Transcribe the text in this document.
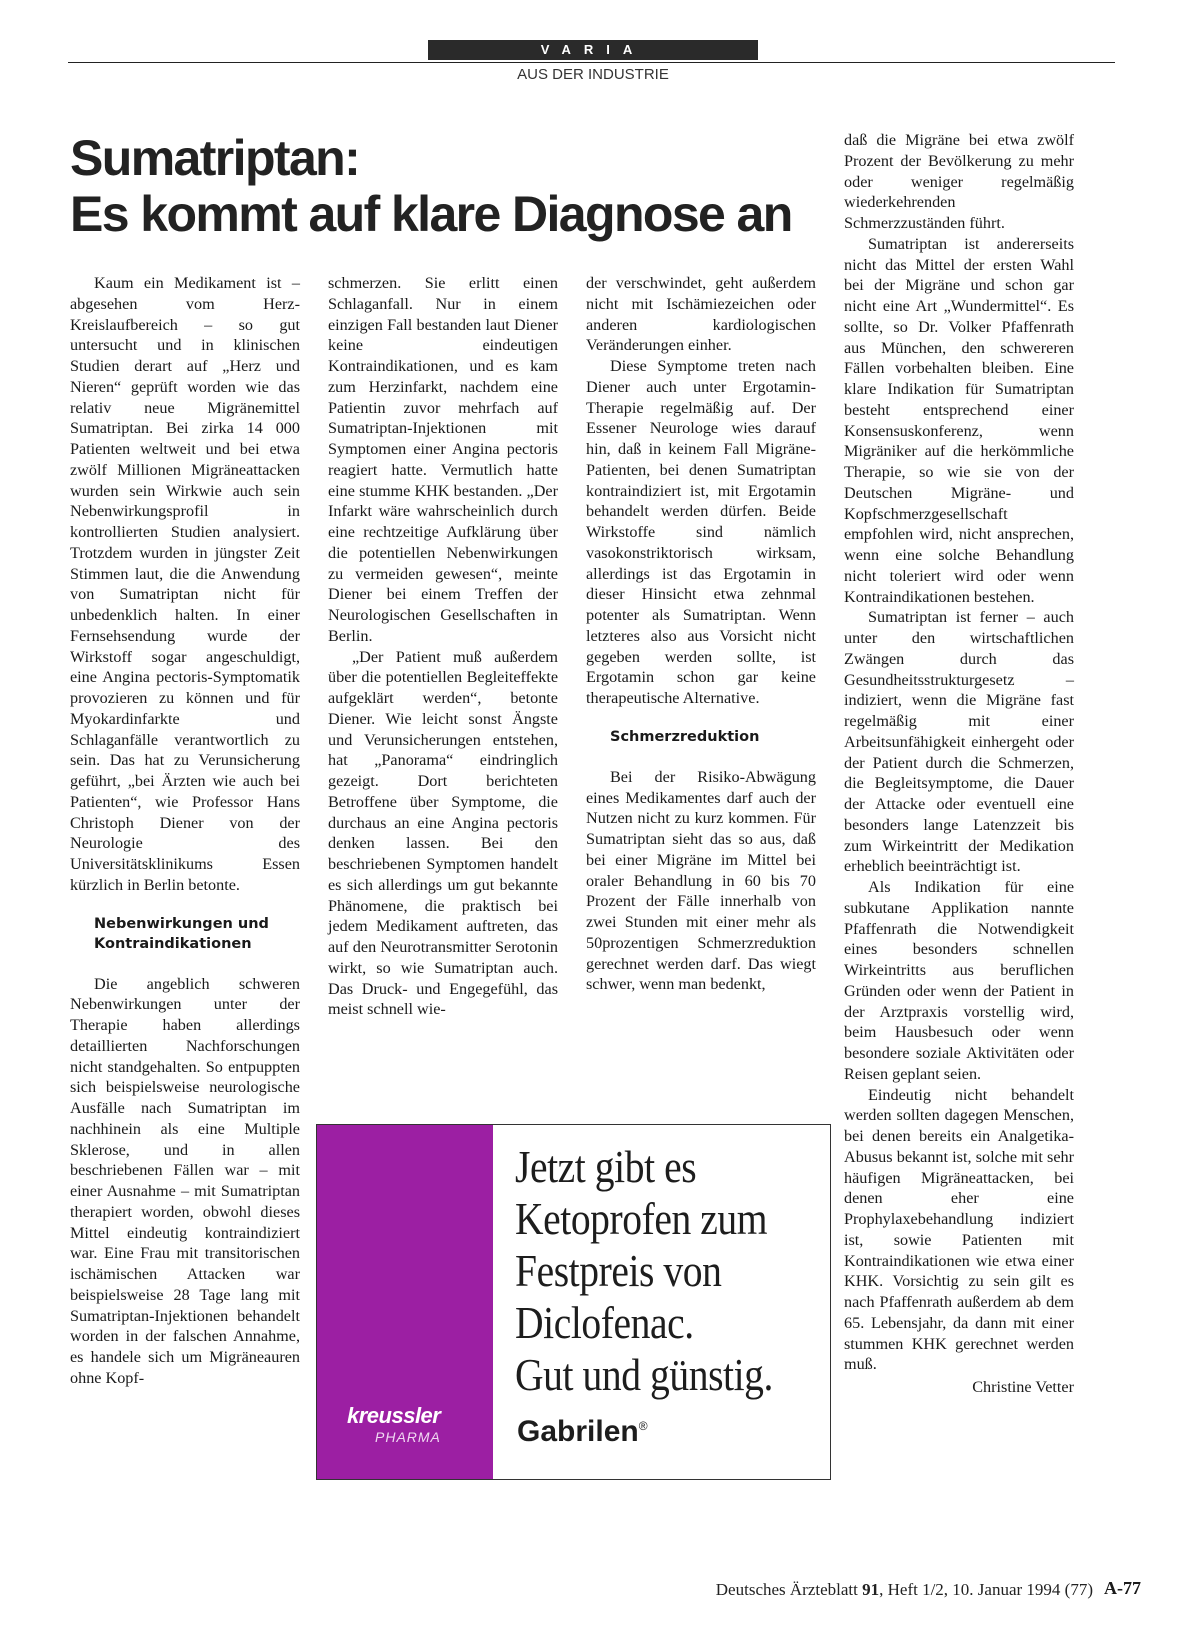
VARIA
AUS DER INDUSTRIE
Sumatriptan:
Es kommt auf klare Diagnose an

Kaum ein Medikament ist – abgesehen vom Herz-Kreislaufbereich – so gut untersucht und in klinischen Studien derart auf „Herz und Nieren“ geprüft worden wie das relativ neue Migränemittel Sumatriptan. Bei zirka 14 000 Patienten weltweit und bei etwa zwölf Millionen Migräneattacken wurden sein Wirkwie auch sein Nebenwirkungsprofil in kontrollierten Studien analysiert. Trotzdem wurden in jüngster Zeit Stimmen laut, die die Anwendung von Sumatriptan nicht für unbedenklich halten. In einer Fernsehsendung wurde der Wirkstoff sogar angeschuldigt, eine Angina pectoris-Symptomatik provozieren zu können und für Myokardinfarkte und Schlaganfälle verantwortlich zu sein. Das hat zu Verunsicherung geführt, „bei Ärzten wie auch bei Patienten“, wie Professor Hans Christoph Diener von der Neurologie des Universitätsklinikums Essen kürzlich in Berlin betonte.

Nebenwirkungen und Kontraindikationen

Die angeblich schweren Nebenwirkungen unter der Therapie haben allerdings detaillierten Nachforschungen nicht standgehalten. So entpuppten sich beispielsweise neurologische Ausfälle nach Sumatriptan im nachhinein als eine Multiple Sklerose, und in allen beschriebenen Fällen war – mit einer Ausnahme – mit Sumatriptan therapiert worden, obwohl dieses Mittel eindeutig kontraindiziert war. Eine Frau mit transitorischen ischämischen Attacken war beispielsweise 28 Tage lang mit Sumatriptan-Injektionen behandelt worden in der falschen Annahme, es handele sich um Migräneauren ohne Kopf-

schmerzen. Sie erlitt einen Schlaganfall. Nur in einem einzigen Fall bestanden laut Diener keine eindeutigen Kontraindikationen, und es kam zum Herzinfarkt, nachdem eine Patientin zuvor mehrfach auf Sumatriptan-Injektionen mit Symptomen einer Angina pectoris reagiert hatte. Vermutlich hatte eine stumme KHK bestanden. „Der Infarkt wäre wahrscheinlich durch eine rechtzeitige Aufklärung über die potentiellen Nebenwirkungen zu vermeiden gewesen“, meinte Diener bei einem Treffen der Neurologischen Gesellschaften in Berlin.

„Der Patient muß außerdem über die potentiellen Begleiteffekte aufgeklärt werden“, betonte Diener. Wie leicht sonst Ängste und Verunsicherungen entstehen, hat „Panorama“ eindringlich gezeigt. Dort berichteten Betroffene über Symptome, die durchaus an eine Angina pectoris denken lassen. Bei den beschriebenen Symptomen handelt es sich allerdings um gut bekannte Phänomene, die praktisch bei jedem Medikament auftreten, das auf den Neurotransmitter Serotonin wirkt, so wie Sumatriptan auch. Das Druck- und Engegefühl, das meist schnell wie-

der verschwindet, geht außerdem nicht mit Ischämiezeichen oder anderen kardiologischen Veränderungen einher.

Diese Symptome treten nach Diener auch unter Ergotamin-Therapie regelmäßig auf. Der Essener Neurologe wies darauf hin, daß in keinem Fall Migräne-Patienten, bei denen Sumatriptan kontraindiziert ist, mit Ergotamin behandelt werden dürfen. Beide Wirkstoffe sind nämlich vasokonstriktorisch wirksam, allerdings ist das Ergotamin in dieser Hinsicht etwa zehnmal potenter als Sumatriptan. Wenn letzteres also aus Vorsicht nicht gegeben werden sollte, ist Ergotamin schon gar keine therapeutische Alternative.

Schmerzreduktion

Bei der Risiko-Abwägung eines Medikamentes darf auch der Nutzen nicht zu kurz kommen. Für Sumatriptan sieht das so aus, daß bei einer Migräne im Mittel bei oraler Behandlung in 60 bis 70 Prozent der Fälle innerhalb von zwei Stunden mit einer mehr als 50prozentigen Schmerzreduktion gerechnet werden darf. Das wiegt schwer, wenn man bedenkt,

daß die Migräne bei etwa zwölf Prozent der Bevölkerung zu mehr oder weniger regelmäßig wiederkehrenden Schmerzzuständen führt.

Sumatriptan ist andererseits nicht das Mittel der ersten Wahl bei der Migräne und schon gar nicht eine Art „Wundermittel“. Es sollte, so Dr. Volker Pfaffenrath aus München, den schwereren Fällen vorbehalten bleiben. Eine klare Indikation für Sumatriptan besteht entsprechend einer Konsensuskonferenz, wenn Migräniker auf die herkömmliche Therapie, so wie sie von der Deutschen Migräne- und Kopfschmerzgesellschaft empfohlen wird, nicht ansprechen, wenn eine solche Behandlung nicht toleriert wird oder wenn Kontraindikationen bestehen.

Sumatriptan ist ferner – auch unter den wirtschaftlichen Zwängen durch das Gesundheitsstrukturgesetz – indiziert, wenn die Migräne fast regelmäßig mit einer Arbeitsunfähigkeit einhergeht oder der Patient durch die Schmerzen, die Begleitsymptome, die Dauer der Attacke oder eventuell eine besonders lange Latenzzeit bis zum Wirkeintritt der Medikation erheblich beeinträchtigt ist.

Als Indikation für eine subkutane Applikation nannte Pfaffenrath die Notwendigkeit eines besonders schnellen Wirkeintritts aus beruflichen Gründen oder wenn der Patient in der Arztpraxis vorstellig wird, beim Hausbesuch oder wenn besondere soziale Aktivitäten oder Reisen geplant seien.

Eindeutig nicht behandelt werden sollten dagegen Menschen, bei denen bereits ein Analgetika-Abusus bekannt ist, solche mit sehr häufigen Migräneattacken, bei denen eher eine Prophylaxebehandlung indiziert ist, sowie Patienten mit Kontraindikationen wie etwa einer KHK. Vorsichtig zu sein gilt es nach Pfaffenrath außerdem ab dem 65. Lebensjahr, da dann mit einer stummen KHK gerechnet werden muß.

Christine Vetter
kreussler
PHARMA
Jetzt gibt es
Ketoprofen zum
Festpreis von
Diclofenac.
Gut und günstig.
Gabrilen®
Deutsches Ärzteblatt 91, Heft 1/2, 10. Januar 1994 (77) A-77
